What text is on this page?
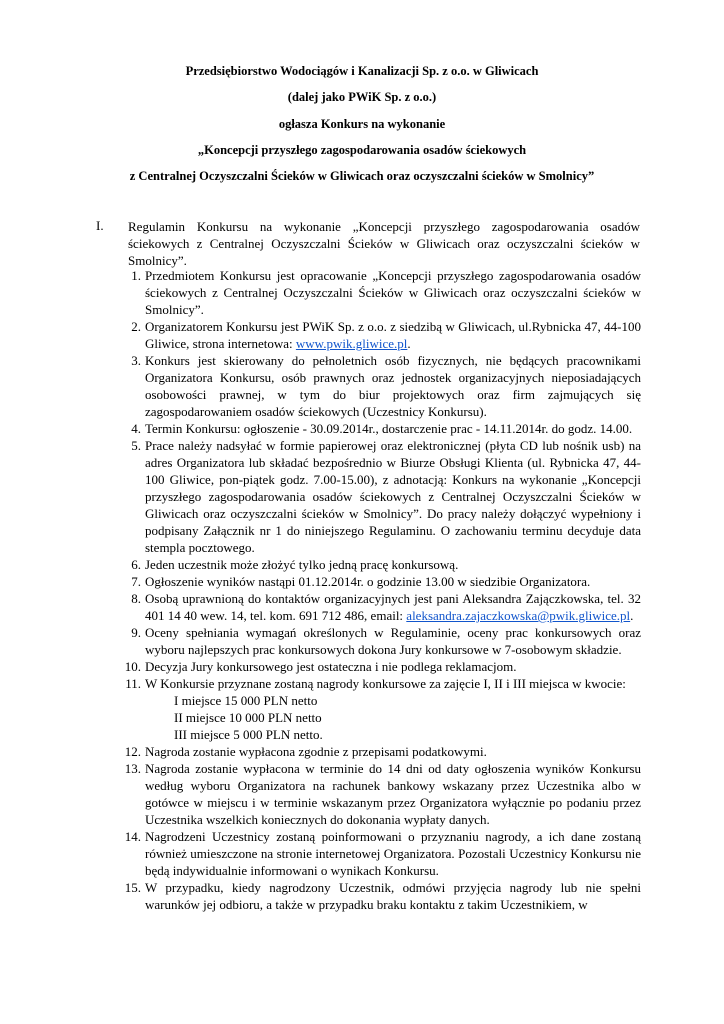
Przedsiębiorstwo Wodociągów i Kanalizacji Sp. z o.o. w Gliwicach
(dalej jako PWiK Sp. z o.o.)
ogłasza Konkurs na wykonanie
„Koncepcji przyszłego zagospodarowania osadów ściekowych
z Centralnej Oczyszczalni Ścieków w Gliwicach oraz oczyszczalni ścieków w Smolnicy”
I. Regulamin Konkursu na wykonanie „Koncepcji przyszłego zagospodarowania osadów ściekowych z Centralnej Oczyszczalni Ścieków w Gliwicach oraz oczyszczalni ścieków w Smolnicy”.
1. Przedmiotem Konkursu jest opracowanie „Koncepcji przyszłego zagospodarowania osadów ściekowych z Centralnej Oczyszczalni Ścieków w Gliwicach oraz oczyszczalni ścieków w Smolnicy”.
2. Organizatorem Konkursu jest PWiK Sp. z o.o. z siedzibą w Gliwicach, ul.Rybnicka 47, 44-100 Gliwice, strona internetowa: www.pwik.gliwice.pl.
3. Konkurs jest skierowany do pełnoletnich osób fizycznych, nie będących pracownikami Organizatora Konkursu, osób prawnych oraz jednostek organizacyjnych nieposiadających osobowości prawnej, w tym do biur projektowych oraz firm zajmujących się zagospodarowaniem osadów ściekowych (Uczestnicy Konkursu).
4. Termin Konkursu: ogłoszenie - 30.09.2014r., dostarczenie prac - 14.11.2014r. do godz. 14.00.
5. Prace należy nadsyłać w formie papierowej oraz elektronicznej (płyta CD lub nośnik usb) na adres Organizatora lub składać bezpośrednio w Biurze Obsługi Klienta (ul. Rybnicka 47, 44-100 Gliwice, pon-piątek godz. 7.00-15.00), z adnotacją: Konkurs na wykonanie „Koncepcji przyszłego zagospodarowania osadów ściekowych z Centralnej Oczyszczalni Ścieków w Gliwicach oraz oczyszczalni ścieków w Smolnicy”. Do pracy należy dołączyć wypełniony i podpisany Załącznik nr 1 do niniejszego Regulaminu. O zachowaniu terminu decyduje data stempla pocztowego.
6. Jeden uczestnik może złożyć tylko jedną pracę konkursową.
7. Ogłoszenie wyników nastąpi 01.12.2014r. o godzinie 13.00 w siedzibie Organizatora.
8. Osobą uprawnioną do kontaktów organizacyjnych jest pani Aleksandra Zajączkowska, tel. 32 401 14 40 wew. 14, tel. kom. 691 712 486, email: aleksandra.zajaczkowska@pwik.gliwice.pl.
9. Oceny spełniania wymagań określonych w Regulaminie, oceny prac konkursowych oraz wyboru najlepszych prac konkursowych dokona Jury konkursowe w 7-osobowym składzie.
10. Decyzja Jury konkursowego jest ostateczna i nie podlega reklamacjom.
11. W Konkursie przyznane zostaną nagrody konkursowe za zajęcie I, II i III miejsca w kwocie:
I miejsce 15 000 PLN netto
II miejsce 10 000 PLN netto
III miejsce 5 000 PLN netto.
12. Nagroda zostanie wypłacona zgodnie z przepisami podatkowymi.
13. Nagroda zostanie wypłacona w terminie do 14 dni od daty ogłoszenia wyników Konkursu według wyboru Organizatora na rachunek bankowy wskazany przez Uczestnika albo w gotówce w miejscu i w terminie wskazanym przez Organizatora wyłącznie po podaniu przez Uczestnika wszelkich koniecznych do dokonania wypłaty danych.
14. Nagrodzeni Uczestnicy zostaną poinformowani o przyznaniu nagrody, a ich dane zostaną również umieszczone na stronie internetowej Organizatora. Pozostali Uczestnicy Konkursu nie będą indywidualnie informowani o wynikach Konkursu.
15. W przypadku, kiedy nagrodzony Uczestnik, odmówi przyjęcia nagrody lub nie spełni warunków jej odbioru, a także w przypadku braku kontaktu z takim Uczestnikiem, w
